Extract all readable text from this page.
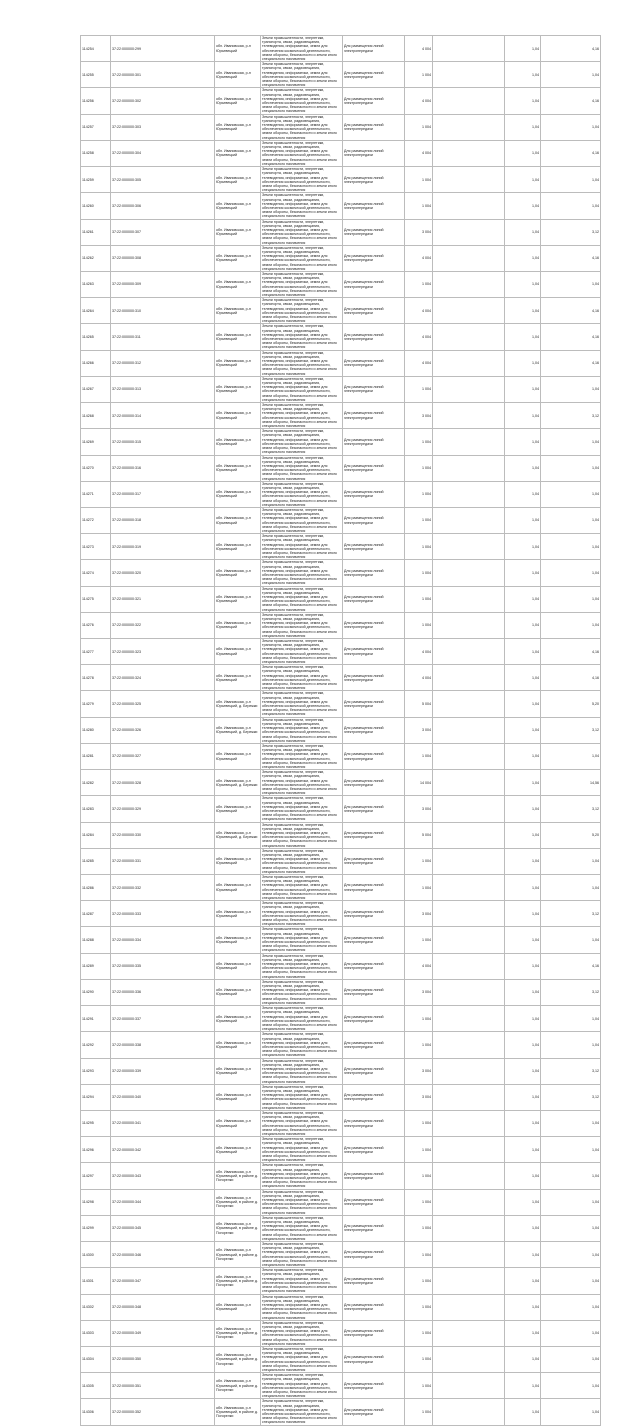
114254	37:22:000000:299	обл. Ивановская, р-н Юрьевецкий	Земли промышленности, энергетики, транспорта, связи, радиовещания, телевидения, информатики, земли для обеспечения космической деятельности, земли обороны, безопасности и земли иного специального назначения	Для размещения линий электропередачи	4 004		1,04	4,16
114255	37:22:000000:301	обл. Ивановская, р-н Юрьевецкий	Земли промышленности, энергетики, транспорта, связи, радиовещания, телевидения, информатики, земли для обеспечения космической деятельности, земли обороны, безопасности и земли иного специального назначения	Для размещения линий электропередачи	1 004		1,04	1,04
114256	37:22:000000:302	обл. Ивановская, р-н Юрьевецкий	Земли промышленности, энергетики, транспорта, связи, радиовещания, телевидения, информатики, земли для обеспечения космической деятельности, земли обороны, безопасности и земли иного специального назначения	Для размещения линий электропередачи	4 004		1,04	4,16
114257	37:22:000000:303	обл. Ивановская, р-н Юрьевецкий	Земли промышленности, энергетики, транспорта, связи, радиовещания, телевидения, информатики, земли для обеспечения космической деятельности, земли обороны, безопасности и земли иного специального назначения	Для размещения линий электропередачи	1 004		1,04	1,04
114258	37:22:000000:304	обл. Ивановская, р-н Юрьевецкий	Земли промышленности, энергетики, транспорта, связи, радиовещания, телевидения, информатики, земли для обеспечения космической деятельности, земли обороны, безопасности и земли иного специального назначения	Для размещения линий электропередачи	4 004		1,04	4,16
114259	37:22:000000:305	обл. Ивановская, р-н Юрьевецкий	Земли промышленности, энергетики, транспорта, связи, радиовещания, телевидения, информатики, земли для обеспечения космической деятельности, земли обороны, безопасности и земли иного специального назначения	Для размещения линий электропередачи	1 004		1,04	1,04
114260	37:22:000000:306	обл. Ивановская, р-н Юрьевецкий	Земли промышленности, энергетики, транспорта, связи, радиовещания, телевидения, информатики, земли для обеспечения космической деятельности, земли обороны, безопасности и земли иного специального назначения	Для размещения линий электропередачи	1 004		1,04	1,04
114261	37:22:000000:307	обл. Ивановская, р-н Юрьевецкий	Земли промышленности, энергетики, транспорта, связи, радиовещания, телевидения, информатики, земли для обеспечения космической деятельности, земли обороны, безопасности и земли иного специального назначения	Для размещения линий электропередачи	3 004		1,04	3,12
114262	37:22:000000:308	обл. Ивановская, р-н Юрьевецкий	Земли промышленности, энергетики, транспорта, связи, радиовещания, телевидения, информатики, земли для обеспечения космической деятельности, земли обороны, безопасности и земли иного специального назначения	Для размещения линий электропередачи	4 004		1,04	4,16
114263	37:22:000000:309	обл. Ивановская, р-н Юрьевецкий	Земли промышленности, энергетики, транспорта, связи, радиовещания, телевидения, информатики, земли для обеспечения космической деятельности, земли обороны, безопасности и земли иного специального назначения	Для размещения линий электропередачи	1 004		1,04	1,04
114264	37:22:000000:310	обл. Ивановская, р-н Юрьевецкий	Земли промышленности, энергетики, транспорта, связи, радиовещания, телевидения, информатики, земли для обеспечения космической деятельности, земли обороны, безопасности и земли иного специального назначения	Для размещения линий электропередачи	4 004		1,04	4,16
114265	37:22:000000:311	обл. Ивановская, р-н Юрьевецкий	Земли промышленности, энергетики, транспорта, связи, радиовещания, телевидения, информатики, земли для обеспечения космической деятельности, земли обороны, безопасности и земли иного специального назначения	Для размещения линий электропередачи	4 004		1,04	4,16
114266	37:22:000000:312	обл. Ивановская, р-н Юрьевецкий	Земли промышленности, энергетики, транспорта, связи, радиовещания, телевидения, информатики, земли для обеспечения космической деятельности, земли обороны, безопасности и земли иного специального назначения	Для размещения линий электропередачи	4 004		1,04	4,16
114267	37:22:000000:313	обл. Ивановская, р-н Юрьевецкий	Земли промышленности, энергетики, транспорта, связи, радиовещания, телевидения, информатики, земли для обеспечения космической деятельности, земли обороны, безопасности и земли иного специального назначения	Для размещения линий электропередачи	1 004		1,04	1,04
114268	37:22:000000:314	обл. Ивановская, р-н Юрьевецкий	Земли промышленности, энергетики, транспорта, связи, радиовещания, телевидения, информатики, земли для обеспечения космической деятельности, земли обороны, безопасности и земли иного специального назначения	Для размещения линий электропередачи	3 004		1,04	3,12
114269	37:22:000000:315	обл. Ивановская, р-н Юрьевецкий	Земли промышленности, энергетики, транспорта, связи, радиовещания, телевидения, информатики, земли для обеспечения космической деятельности, земли обороны, безопасности и земли иного специального назначения	Для размещения линий электропередачи	1 004		1,04	1,04
114270	37:22:000000:316	обл. Ивановская, р-н Юрьевецкий	Земли промышленности, энергетики, транспорта, связи, радиовещания, телевидения, информатики, земли для обеспечения космической деятельности, земли обороны, безопасности и земли иного специального назначения	Для размещения линий электропередачи	1 004		1,04	1,04
114271	37:22:000000:317	обл. Ивановская, р-н Юрьевецкий	Земли промышленности, энергетики, транспорта, связи, радиовещания, телевидения, информатики, земли для обеспечения космической деятельности, земли обороны, безопасности и земли иного специального назначения	Для размещения линий электропередачи	1 004		1,04	1,04
114272	37:22:000000:318	обл. Ивановская, р-н Юрьевецкий	Земли промышленности, энергетики, транспорта, связи, радиовещания, телевидения, информатики, земли для обеспечения космической деятельности, земли обороны, безопасности и земли иного специального назначения	Для размещения линий электропередачи	1 004		1,04	1,04
114273	37:22:000000:319	обл. Ивановская, р-н Юрьевецкий	Земли промышленности, энергетики, транспорта, связи, радиовещания, телевидения, информатики, земли для обеспечения космической деятельности, земли обороны, безопасности и земли иного специального назначения	Для размещения линий электропередачи	1 004		1,04	1,04
114274	37:22:000000:320	обл. Ивановская, р-н Юрьевецкий	Земли промышленности, энергетики, транспорта, связи, радиовещания, телевидения, информатики, земли для обеспечения космической деятельности, земли обороны, безопасности и земли иного специального назначения	Для размещения линий электропередачи	1 004		1,04	1,04
114275	37:22:000000:321	обл. Ивановская, р-н Юрьевецкий	Земли промышленности, энергетики, транспорта, связи, радиовещания, телевидения, информатики, земли для обеспечения космической деятельности, земли обороны, безопасности и земли иного специального назначения	Для размещения линий электропередачи	1 004		1,04	1,04
114276	37:22:000000:322	обл. Ивановская, р-н Юрьевецкий	Земли промышленности, энергетики, транспорта, связи, радиовещания, телевидения, информатики, земли для обеспечения космической деятельности, земли обороны, безопасности и земли иного специального назначения	Для размещения линий электропередачи	1 004		1,04	1,04
114277	37:22:000000:323	обл. Ивановская, р-н Юрьевецкий	Земли промышленности, энергетики, транспорта, связи, радиовещания, телевидения, информатики, земли для обеспечения космической деятельности, земли обороны, безопасности и земли иного специального назначения	Для размещения линий электропередачи	4 004		1,04	4,16
114278	37:22:000000:324	обл. Ивановская, р-н Юрьевецкий	Земли промышленности, энергетики, транспорта, связи, радиовещания, телевидения, информатики, земли для обеспечения космической деятельности, земли обороны, безопасности и земли иного специального назначения	Для размещения линий электропередачи	4 004		1,04	4,16
114279	37:22:000000:325	обл. Ивановская, р-н Юрьевецкий, д. Бережки	Земли промышленности, энергетики, транспорта, связи, радиовещания, телевидения, информатики, земли для обеспечения космической деятельности, земли обороны, безопасности и земли иного специального назначения	Для размещения линий электропередачи	5 004		1,04	5,20
114280	37:22:000000:326	обл. Ивановская, р-н Юрьевецкий, д. Бережки	Земли промышленности, энергетики, транспорта, связи, радиовещания, телевидения, информатики, земли для обеспечения космической деятельности, земли обороны, безопасности и земли иного специального назначения	Для размещения линий электропередачи	3 004		1,04	3,12
114281	37:22:000000:327	обл. Ивановская, р-н Юрьевецкий	Земли промышленности, энергетики, транспорта, связи, радиовещания, телевидения, информатики, земли для обеспечения космической деятельности, земли обороны, безопасности и земли иного специального назначения	Для размещения линий электропередачи	1 004		1,04	1,04
114282	37:22:000000:328	обл. Ивановская, р-н Юрьевецкий, д. Бережки	Земли промышленности, энергетики, транспорта, связи, радиовещания, телевидения, информатики, земли для обеспечения космической деятельности, земли обороны, безопасности и земли иного специального назначения	Для размещения линий электропередачи	14 004		1,04	14,56
114283	37:22:000000:329	обл. Ивановская, р-н Юрьевецкий	Земли промышленности, энергетики, транспорта, связи, радиовещания, телевидения, информатики, земли для обеспечения космической деятельности, земли обороны, безопасности и земли иного специального назначения	Для размещения линий электропередачи	3 004		1,04	3,12
114284	37:22:000000:330	обл. Ивановская, р-н Юрьевецкий, д. Бережки	Земли промышленности, энергетики, транспорта, связи, радиовещания, телевидения, информатики, земли для обеспечения космической деятельности, земли обороны, безопасности и земли иного специального назначения	Для размещения линий электропередачи	5 004		1,04	5,20
114285	37:22:000000:331	обл. Ивановская, р-н Юрьевецкий	Земли промышленности, энергетики, транспорта, связи, радиовещания, телевидения, информатики, земли для обеспечения космической деятельности, земли обороны, безопасности и земли иного специального назначения	Для размещения линий электропередачи	1 004		1,04	1,04
114286	37:22:000000:332	обл. Ивановская, р-н Юрьевецкий	Земли промышленности, энергетики, транспорта, связи, радиовещания, телевидения, информатики, земли для обеспечения космической деятельности, земли обороны, безопасности и земли иного специального назначения	Для размещения линий электропередачи	1 004		1,04	1,04
114287	37:22:000000:333	обл. Ивановская, р-н Юрьевецкий	Земли промышленности, энергетики, транспорта, связи, радиовещания, телевидения, информатики, земли для обеспечения космической деятельности, земли обороны, безопасности и земли иного специального назначения	Для размещения линий электропередачи	3 004		1,04	3,12
114288	37:22:000000:334	обл. Ивановская, р-н Юрьевецкий	Земли промышленности, энергетики, транспорта, связи, радиовещания, телевидения, информатики, земли для обеспечения космической деятельности, земли обороны, безопасности и земли иного специального назначения	Для размещения линий электропередачи	1 004		1,04	1,04
114289	37:22:000000:335	обл. Ивановская, р-н Юрьевецкий	Земли промышленности, энергетики, транспорта, связи, радиовещания, телевидения, информатики, земли для обеспечения космической деятельности, земли обороны, безопасности и земли иного специального назначения	Для размещения линий электропередачи	4 004		1,04	4,16
114290	37:22:000000:336	обл. Ивановская, р-н Юрьевецкий	Земли промышленности, энергетики, транспорта, связи, радиовещания, телевидения, информатики, земли для обеспечения космической деятельности, земли обороны, безопасности и земли иного специального назначения	Для размещения линий электропередачи	3 004		1,04	3,12
114291	37:22:000000:337	обл. Ивановская, р-н Юрьевецкий	Земли промышленности, энергетики, транспорта, связи, радиовещания, телевидения, информатики, земли для обеспечения космической деятельности, земли обороны, безопасности и земли иного специального назначения	Для размещения линий электропередачи	1 004		1,04	1,04
114292	37:22:000000:338	обл. Ивановская, р-н Юрьевецкий	Земли промышленности, энергетики, транспорта, связи, радиовещания, телевидения, информатики, земли для обеспечения космической деятельности, земли обороны, безопасности и земли иного специального назначения	Для размещения линий электропередачи	1 004		1,04	1,04
114293	37:22:000000:339	обл. Ивановская, р-н Юрьевецкий	Земли промышленности, энергетики, транспорта, связи, радиовещания, телевидения, информатики, земли для обеспечения космической деятельности, земли обороны, безопасности и земли иного специального назначения	Для размещения линий электропередачи	3 004		1,04	3,12
114294	37:22:000000:340	обл. Ивановская, р-н Юрьевецкий	Земли промышленности, энергетики, транспорта, связи, радиовещания, телевидения, информатики, земли для обеспечения космической деятельности, земли обороны, безопасности и земли иного специального назначения	Для размещения линий электропередачи	3 004		1,04	3,12
114295	37:22:000000:341	обл. Ивановская, р-н Юрьевецкий	Земли промышленности, энергетики, транспорта, связи, радиовещания, телевидения, информатики, земли для обеспечения космической деятельности, земли обороны, безопасности и земли иного специального назначения	Для размещения линий электропередачи	1 004		1,04	1,04
114296	37:22:000000:342	обл. Ивановская, р-н Юрьевецкий	Земли промышленности, энергетики, транспорта, связи, радиовещания, телевидения, информатики, земли для обеспечения космической деятельности, земли обороны, безопасности и земли иного специального назначения	Для размещения линий электропередачи	1 004		1,04	1,04
114297	37:22:000000:343	обл. Ивановская, р-н Юрьевецкий, в районе д. Погорелки	Земли промышленности, энергетики, транспорта, связи, радиовещания, телевидения, информатики, земли для обеспечения космической деятельности, земли обороны, безопасности и земли иного специального назначения	Для размещения линий электропередачи	1 004		1,04	1,04
114298	37:22:000000:344	обл. Ивановская, р-н Юрьевецкий, в районе д. Погорелки	Земли промышленности, энергетики, транспорта, связи, радиовещания, телевидения, информатики, земли для обеспечения космической деятельности, земли обороны, безопасности и земли иного специального назначения	Для размещения линий электропередачи	1 004		1,04	1,04
114299	37:22:000000:345	обл. Ивановская, р-н Юрьевецкий, в районе д. Погорелки	Земли промышленности, энергетики, транспорта, связи, радиовещания, телевидения, информатики, земли для обеспечения космической деятельности, земли обороны, безопасности и земли иного специального назначения	Для размещения линий электропередачи	1 004		1,04	1,04
114300	37:22:000000:346	обл. Ивановская, р-н Юрьевецкий, в районе д. Погорелки	Земли промышленности, энергетики, транспорта, связи, радиовещания, телевидения, информатики, земли для обеспечения космической деятельности, земли обороны, безопасности и земли иного специального назначения	Для размещения линий электропередачи	1 004		1,04	1,04
114301	37:22:000000:347	обл. Ивановская, р-н Юрьевецкий, в районе д. Погорелки	Земли промышленности, энергетики, транспорта, связи, радиовещания, телевидения, информатики, земли для обеспечения космической деятельности, земли обороны, безопасности и земли иного специального назначения	Для размещения линий электропередачи	1 004		1,04	1,04
114302	37:22:000000:348	обл. Ивановская, р-н Юрьевецкий	Земли промышленности, энергетики, транспорта, связи, радиовещания, телевидения, информатики, земли для обеспечения космической деятельности, земли обороны, безопасности и земли иного специального назначения	Для размещения линий электропередачи	1 004		1,04	1,04
114303	37:22:000000:349	обл. Ивановская, р-н Юрьевецкий, в районе д. Погорелки	Земли промышленности, энергетики, транспорта, связи, радиовещания, телевидения, информатики, земли для обеспечения космической деятельности, земли обороны, безопасности и земли иного специального назначения	Для размещения линий электропередачи	1 004		1,04	1,04
114304	37:22:000000:350	обл. Ивановская, р-н Юрьевецкий, в районе д. Погорелки	Земли промышленности, энергетики, транспорта, связи, радиовещания, телевидения, информатики, земли для обеспечения космической деятельности, земли обороны, безопасности и земли иного специального назначения	Для размещения линий электропередачи	1 004		1,04	1,04
114305	37:22:000000:351	обл. Ивановская, р-н Юрьевецкий, в районе д. Погорелки	Земли промышленности, энергетики, транспорта, связи, радиовещания, телевидения, информатики, земли для обеспечения космической деятельности, земли обороны, безопасности и земли иного специального назначения	Для размещения линий электропередачи	1 004		1,04	1,04
114306	37:22:000000:352	обл. Ивановская, р-н Юрьевецкий, в районе д. Погорелки	Земли промышленности, энергетики, транспорта, связи, радиовещания, телевидения, информатики, земли для обеспечения космической деятельности, земли обороны, безопасности и земли иного специального назначения	Для размещения линий электропередачи	1 004		1,04	1,04
